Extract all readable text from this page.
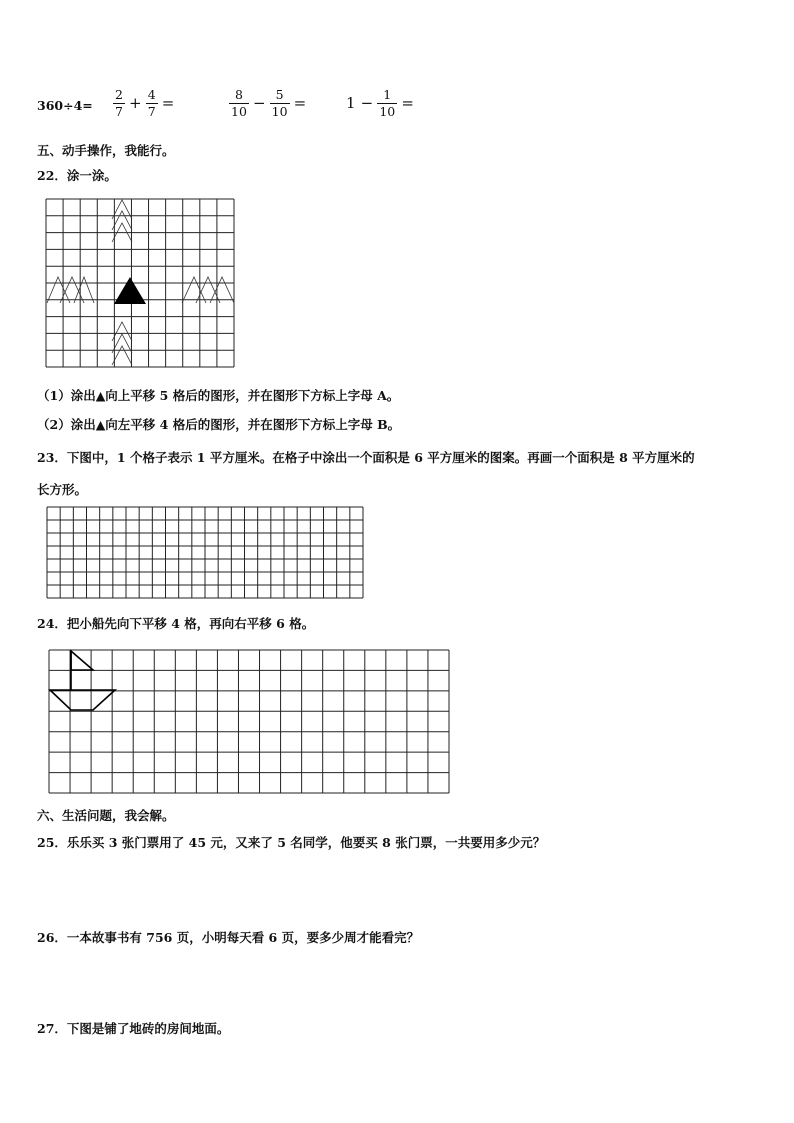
$360\div 4= \frac{2}{7} + \frac{4}{7}$ =	$\frac{8}{10} - \frac{5}{10}$ =	$1 - \frac{1}{10}$ =
五、动手操作，我能行。
22．涂一涂。
（1）涂出▲向上平移 5 格后的图形，并在图形下方标上字母 A。
（2）涂出▲向左平移 4 格后的图形，并在图形下方标上字母 B。
23．下图中，1 个格子表示 1 平方厘米。在格子中涂出一个面积是 6 平方厘米的图案。再画一个面积是 8 平方厘米的
长方形。
24．把小船先向下平移 4 格，再向右平移 6 格。
六、生活问题，我会解。
25．乐乐买 3 张门票用了 45 元，又来了 5 名同学，他要买 8 张门票，一共要用多少元？
26．一本故事书有 756 页，小明每天看 6 页，要多少周才能看完？
27．下图是铺了地砖的房间地面。
